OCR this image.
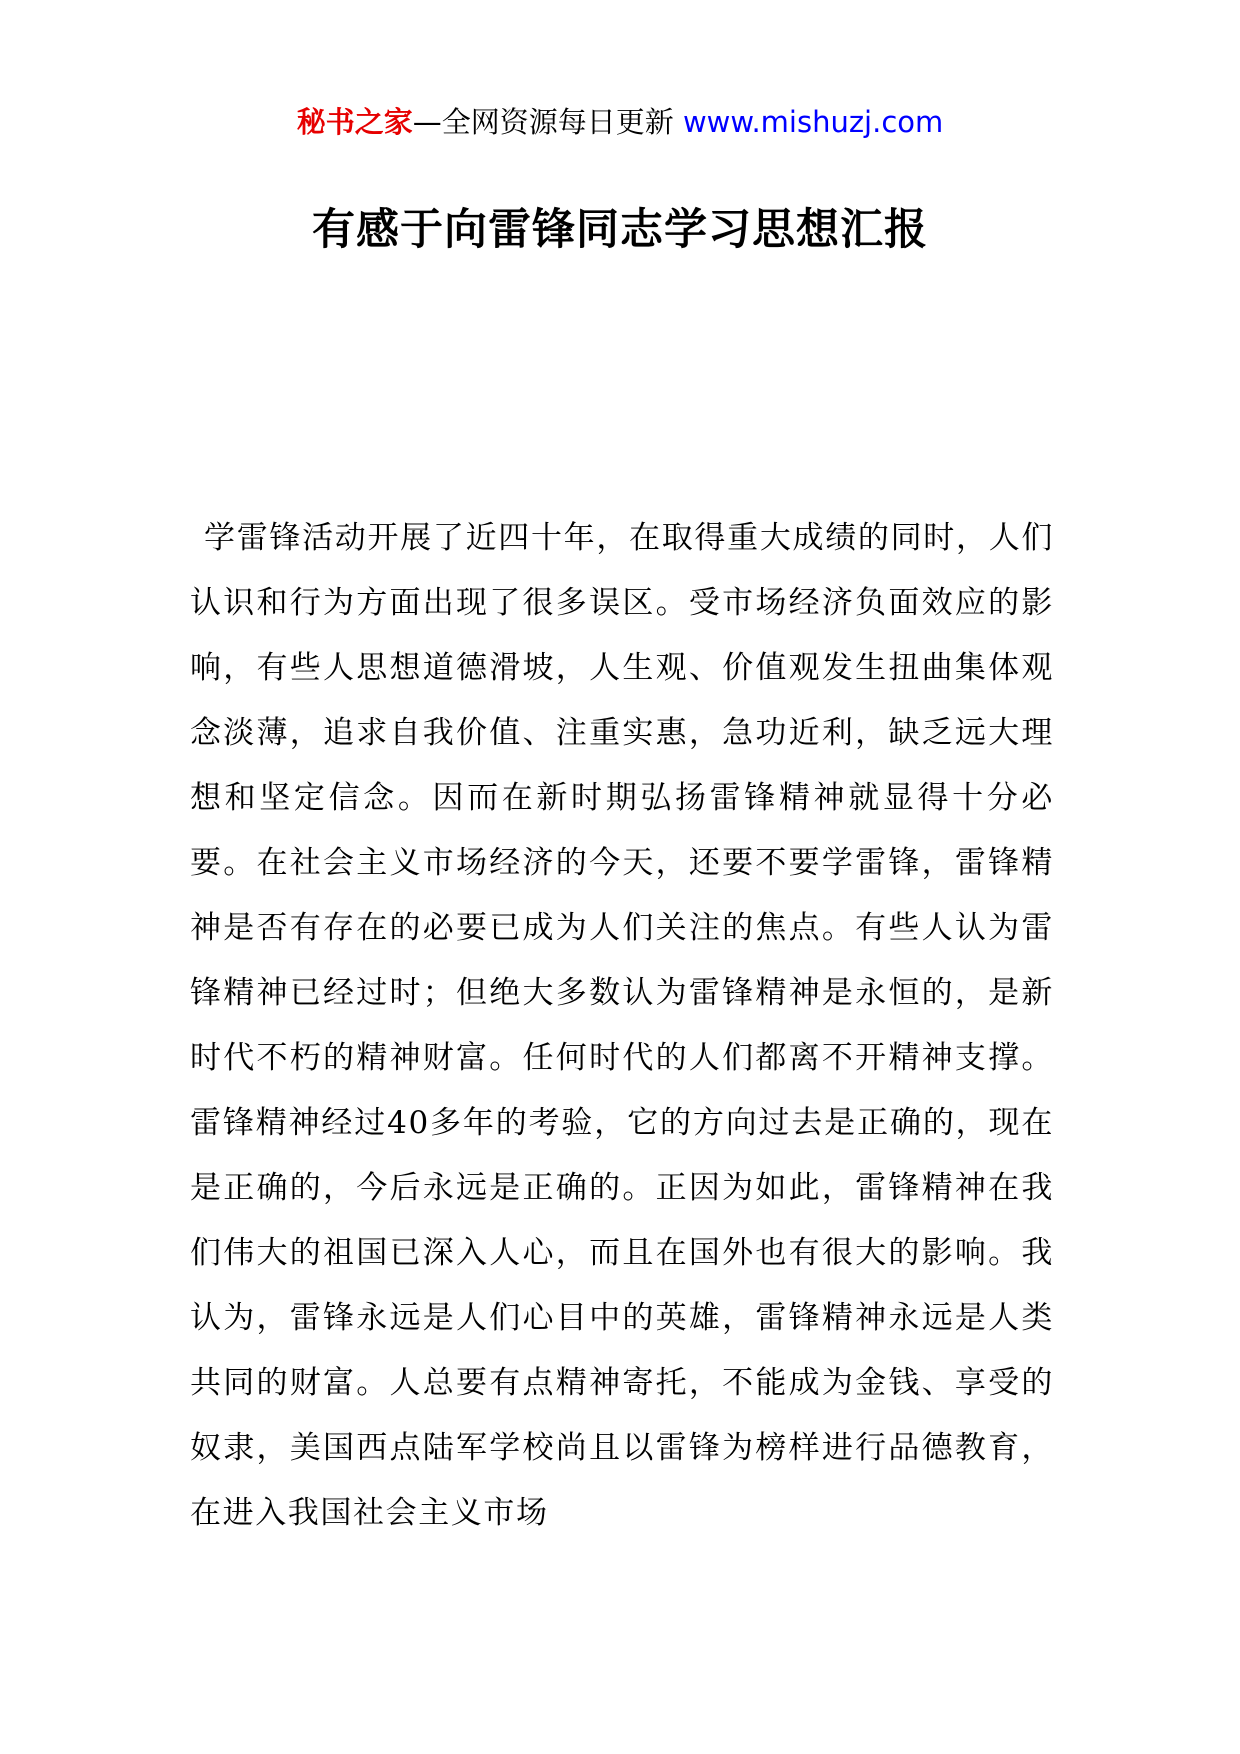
秘书之家—全网资源每日更新 www.mishuzj.com
有感于向雷锋同志学习思想汇报

学雷锋活动开展了近四十年，在取得重大成绩的同时，人们认识和行为方面出现了很多误区。受市场经济负面效应的影响，有些人思想道德滑坡，人生观、价值观发生扭曲集体观念淡薄，追求自我价值、注重实惠，急功近利，缺乏远大理想和坚定信念。因而在新时期弘扬雷锋精神就显得十分必要。在社会主义市场经济的今天，还要不要学雷锋，雷锋精神是否有存在的必要已成为人们关注的焦点。有些人认为雷锋精神已经过时；但绝大多数认为雷锋精神是永恒的，是新时代不朽的精神财富。任何时代的人们都离不开精神支撑。雷锋精神经过40多年的考验，它的方向过去是正确的，现在是正确的，今后永远是正确的。正因为如此，雷锋精神在我们伟大的祖国已深入人心，而且在国外也有很大的影响。我认为，雷锋永远是人们心目中的英雄，雷锋精神永远是人类共同的财富。人总要有点精神寄托，不能成为金钱、享受的奴隶，美国西点陆军学校尚且以雷锋为榜样进行品德教育，在进入我国社会主义市场
